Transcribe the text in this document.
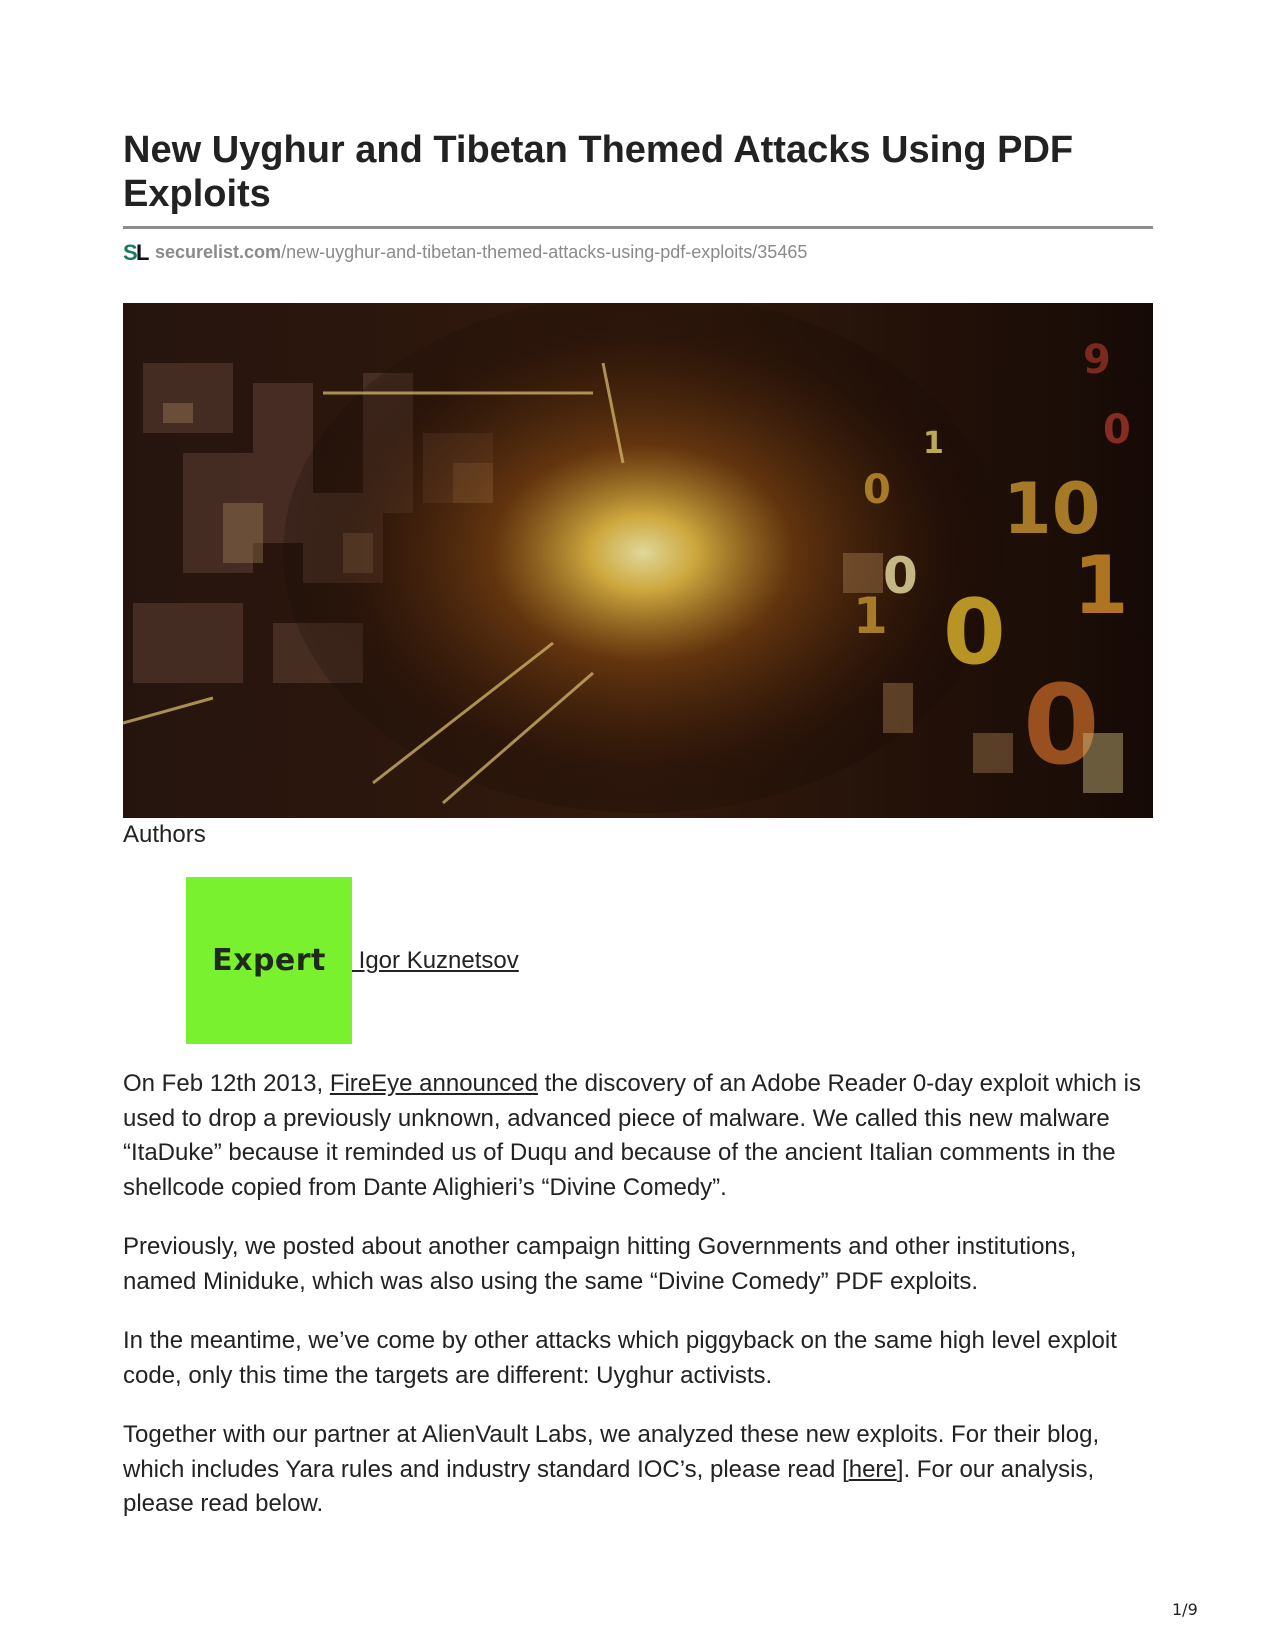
New Uyghur and Tibetan Themed Attacks Using PDF Exploits
S
L securelist.com /new-uyghur-and-tibetan-themed-attacks-using-pdf-exploits/35465
10
1
0
0
1
0
0
1
9
0
Authors
Expert Igor Kuznetsov

On Feb 12th 2013, FireEye announced the discovery of an Adobe Reader 0-day exploit which is used to drop a previously unknown, advanced piece of malware. We called this new malware “ItaDuke” because it reminded us of Duqu and because of the ancient Italian comments in the shellcode copied from Dante Alighieri’s “Divine Comedy”.

Previously, we posted about another campaign hitting Governments and other institutions, named Miniduke, which was also using the same “Divine Comedy” PDF exploits.

In the meantime, we’ve come by other attacks which piggyback on the same high level exploit code, only this time the targets are different: Uyghur activists.

Together with our partner at AlienVault Labs, we analyzed these new exploits. For their blog, which includes Yara rules and industry standard IOC’s, please read [here]. For our analysis, please read below.

1/9
